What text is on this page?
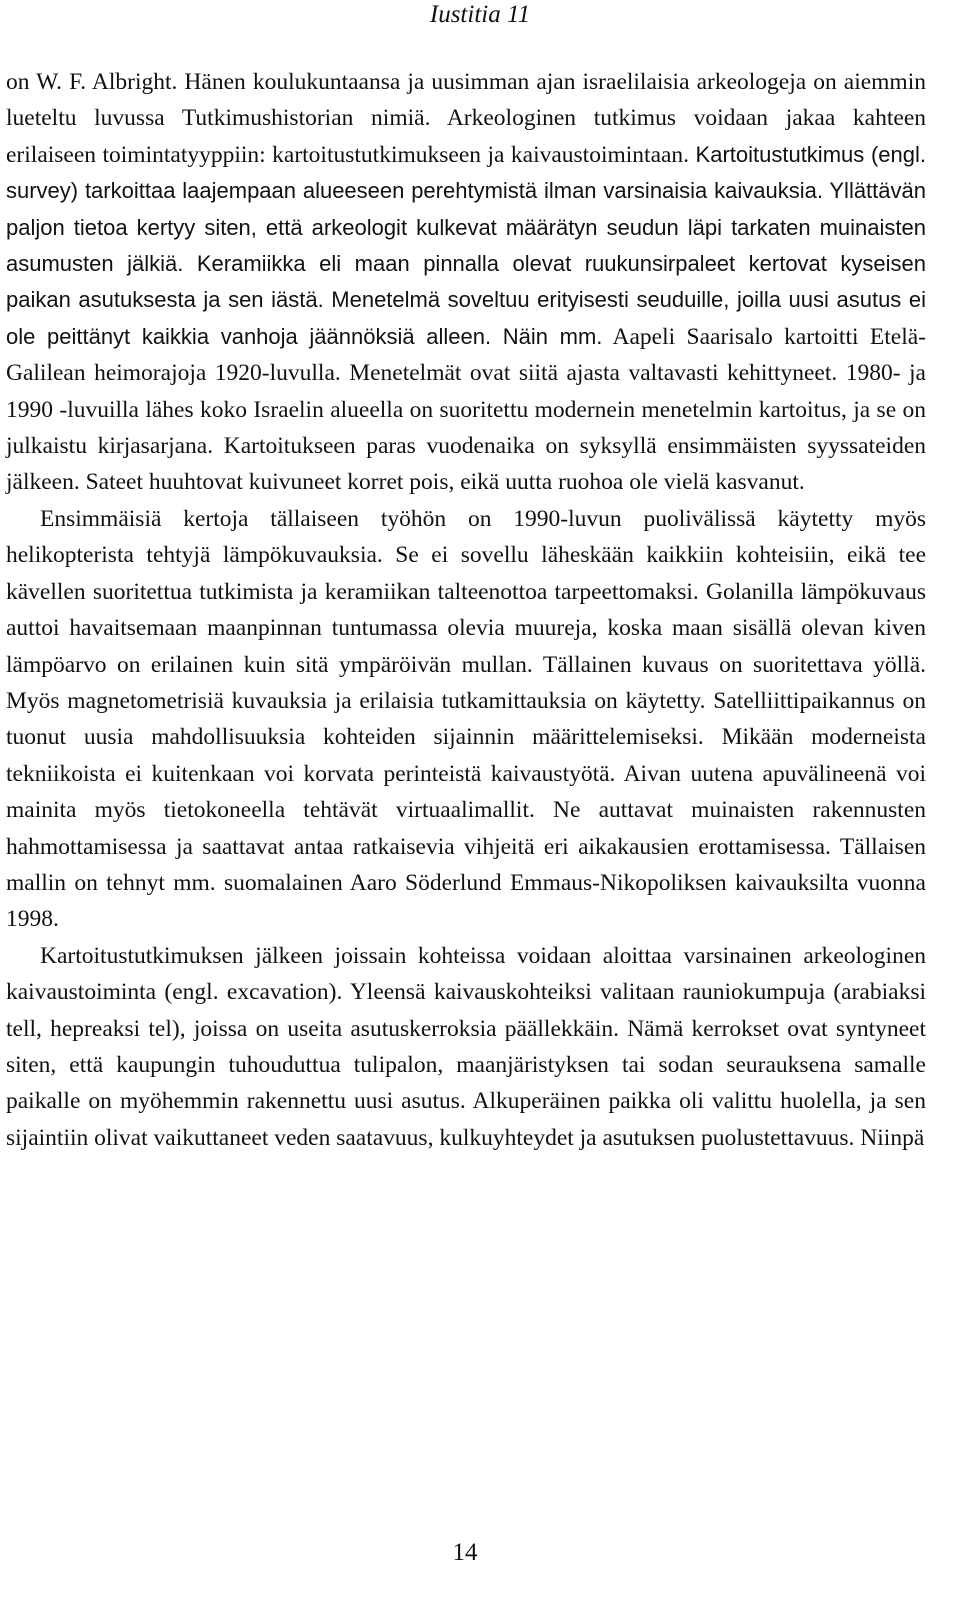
Iustitia 11

on W. F. Albright. Hänen koulukuntaansa ja uusimman ajan israelilaisia arkeologeja on aiemmin lueteltu luvussa Tutkimushistorian nimiä. Arkeologinen tutkimus voidaan jakaa kahteen erilaiseen toimintatyyppiin: kartoitustutkimukseen ja kaivaustoimintaan. Kartoitustutkimus (engl. survey) tarkoittaa laajempaan alueeseen perehtymistä ilman varsinaisia kaivauksia. Yllättävän paljon tietoa kertyy siten, että arkeologit kulkevat määrätyn seudun läpi tarkaten muinaisten asumusten jälkiä. Keramiikka eli maan pinnalla olevat ruukunsirpaleet kertovat kyseisen paikan asutuksesta ja sen iästä. Menetelmä soveltuu erityisesti seuduille, joilla uusi asutus ei ole peittänyt kaikkia vanhoja jäännöksiä alleen. Näin mm. Aapeli Saarisalo kartoitti Etelä-Galilean heimorajoja 1920-luvulla. Menetelmät ovat siitä ajasta valtavasti kehittyneet. 1980- ja 1990 -luvuilla lähes koko Israelin alueella on suoritettu modernein menetelmin kartoitus, ja se on julkaistu kirjasarjana. Kartoitukseen paras vuodenaika on syksyllä ensimmäisten syyssateiden jälkeen. Sateet huuhtovat kuivuneet korret pois, eikä uutta ruohoa ole vielä kasvanut.

Ensimmäisiä kertoja tällaiseen työhön on 1990-luvun puolivälissä käytetty myös helikopterista tehtyjä lämpökuvauksia. Se ei sovellu läheskään kaikkiin kohteisiin, eikä tee kävellen suoritettua tutkimista ja keramiikan talteenottoa tarpeettomaksi. Golanilla lämpökuvaus auttoi havaitsemaan maanpinnan tuntumassa olevia muureja, koska maan sisällä olevan kiven lämpöarvo on erilainen kuin sitä ympäröivän mullan. Tällainen kuvaus on suoritettava yöllä. Myös magnetometrisiä kuvauksia ja erilaisia tutkamittauksia on käytetty. Satelliittipaikannus on tuonut uusia mahdollisuuksia kohteiden sijainnin määrittelemiseksi. Mikään moderneista tekniikoista ei kuitenkaan voi korvata perinteistä kaivaustyötä. Aivan uutena apuvälineenä voi mainita myös tietokoneella tehtävät virtuaalimallit. Ne auttavat muinaisten rakennusten hahmottamisessa ja saattavat antaa ratkaisevia vihjeitä eri aikakausien erottamisessa. Tällaisen mallin on tehnyt mm. suomalainen Aaro Söderlund Emmaus-Nikopoliksen kaivauksilta vuonna 1998.

Kartoitustutkimuksen jälkeen joissain kohteissa voidaan aloittaa varsinainen arkeologinen kaivaustoiminta (engl. excavation). Yleensä kaivauskohteiksi valitaan rauniokumpuja (arabiaksi tell, hepreaksi tel), joissa on useita asutuskerroksia päällekkäin. Nämä kerrokset ovat syntyneet siten, että kaupungin tuhouduttua tulipalon, maanjäristyksen tai sodan seurauksena samalle paikalle on myöhemmin rakennettu uusi asutus. Alkuperäinen paikka oli valittu huolella, ja sen sijaintiin olivat vaikuttaneet veden saatavuus, kulkuyhteydet ja asutuksen puolustettavuus. Niinpä

14
